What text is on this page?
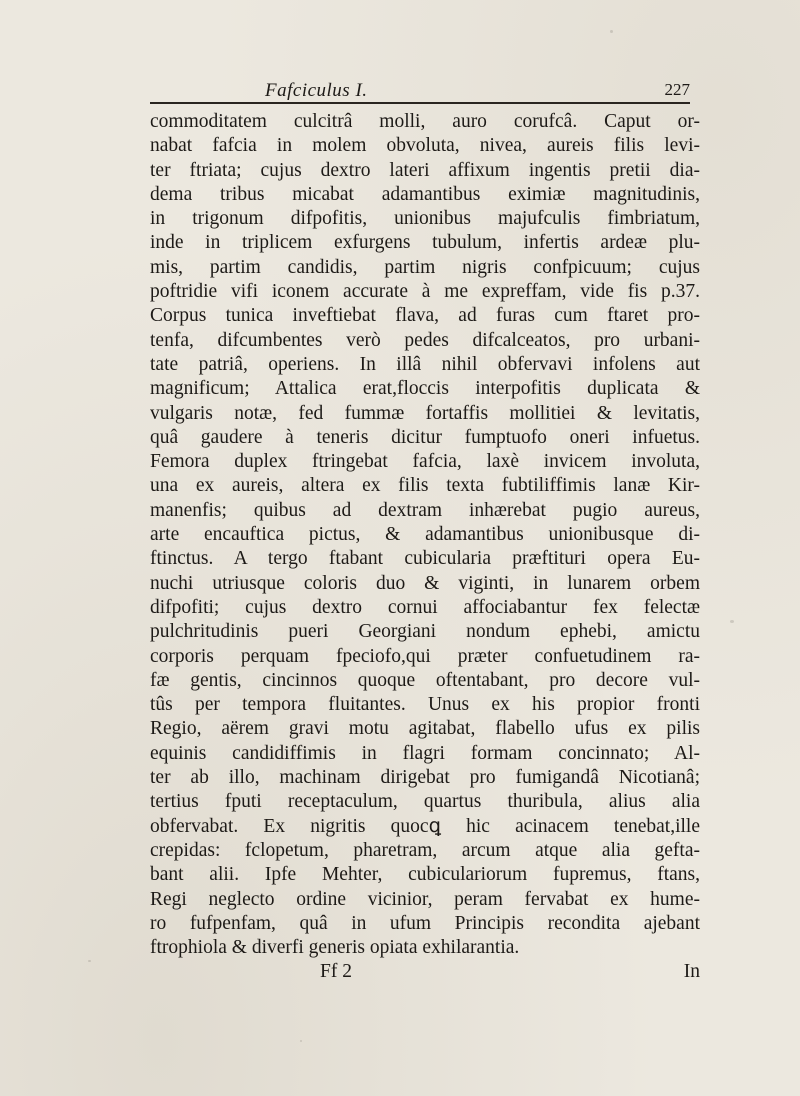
Fafciculus I.	227
commoditatem culcitrâ molli, auro corufcâ. Caput or-
nabat fafcia in molem obvoluta, nivea, aureis filis levi-
ter ftriata; cujus dextro lateri affixum ingentis pretii dia-
dema tribus micabat adamantibus eximiæ magnitudinis,
in trigonum difpofitis, unionibus majufculis fimbriatum,
inde in triplicem exfurgens tubulum, infertis ardeæ plu-
mis, partim candidis, partim nigris confpicuum; cujus
poftridie vifi iconem accurate à me expreffam, vide fis p.37.
Corpus tunica inveftiebat flava, ad furas cum ftaret pro-
tenfa, difcumbentes verò pedes difcalceatos, pro urbani-
tate patriâ, operiens. In illâ nihil obfervavi infolens aut
magnificum; Attalica erat,floccis interpofitis duplicata &
vulgaris notæ, fed fummæ fortaffis mollitiei & levitatis,
quâ gaudere à teneris dicitur fumptuofo oneri infuetus.
Femora duplex ftringebat fafcia, laxè invicem involuta,
una ex aureis, altera ex filis texta fubtiliffimis lanæ Kir-
manenfis; quibus ad dextram inhærebat pugio aureus,
arte encauftica pictus, & adamantibus unionibusque di-
ftinctus. A tergo ftabant cubicularia præftituri opera Eu-
nuchi utriusque coloris duo & viginti, in lunarem orbem
difpofiti; cujus dextro cornui affociabantur fex felectæ
pulchritudinis pueri Georgiani nondum ephebi, amictu
corporis perquam fpeciofo,qui præter confuetudinem ra-
fæ gentis, cincinnos quoque oftentabant, pro decore vul-
tûs per tempora fluitantes. Unus ex his propior fronti
Regio, aërem gravi motu agitabat, flabello ufus ex pilis
equinis candidiffimis in flagri formam concinnato; Al-
ter ab illo, machinam dirigebat pro fumigandâ Nicotianâ;
tertius fputi receptaculum, quartus thuribula, alius alia
obfervabat. Ex nigritis quocꝗ hic acinacem tenebat,ille
crepidas: fclopetum, pharetram, arcum atque alia gefta-
bant alii. Ipfe Mehter, cubiculariorum fupremus, ftans,
Regi neglecto ordine vicinior, peram fervabat ex hume-
ro fufpenfam, quâ in ufum Principis recondita ajebant
ftrophiola & diverfi generis opiata exhilarantia.
Ff 2	In
